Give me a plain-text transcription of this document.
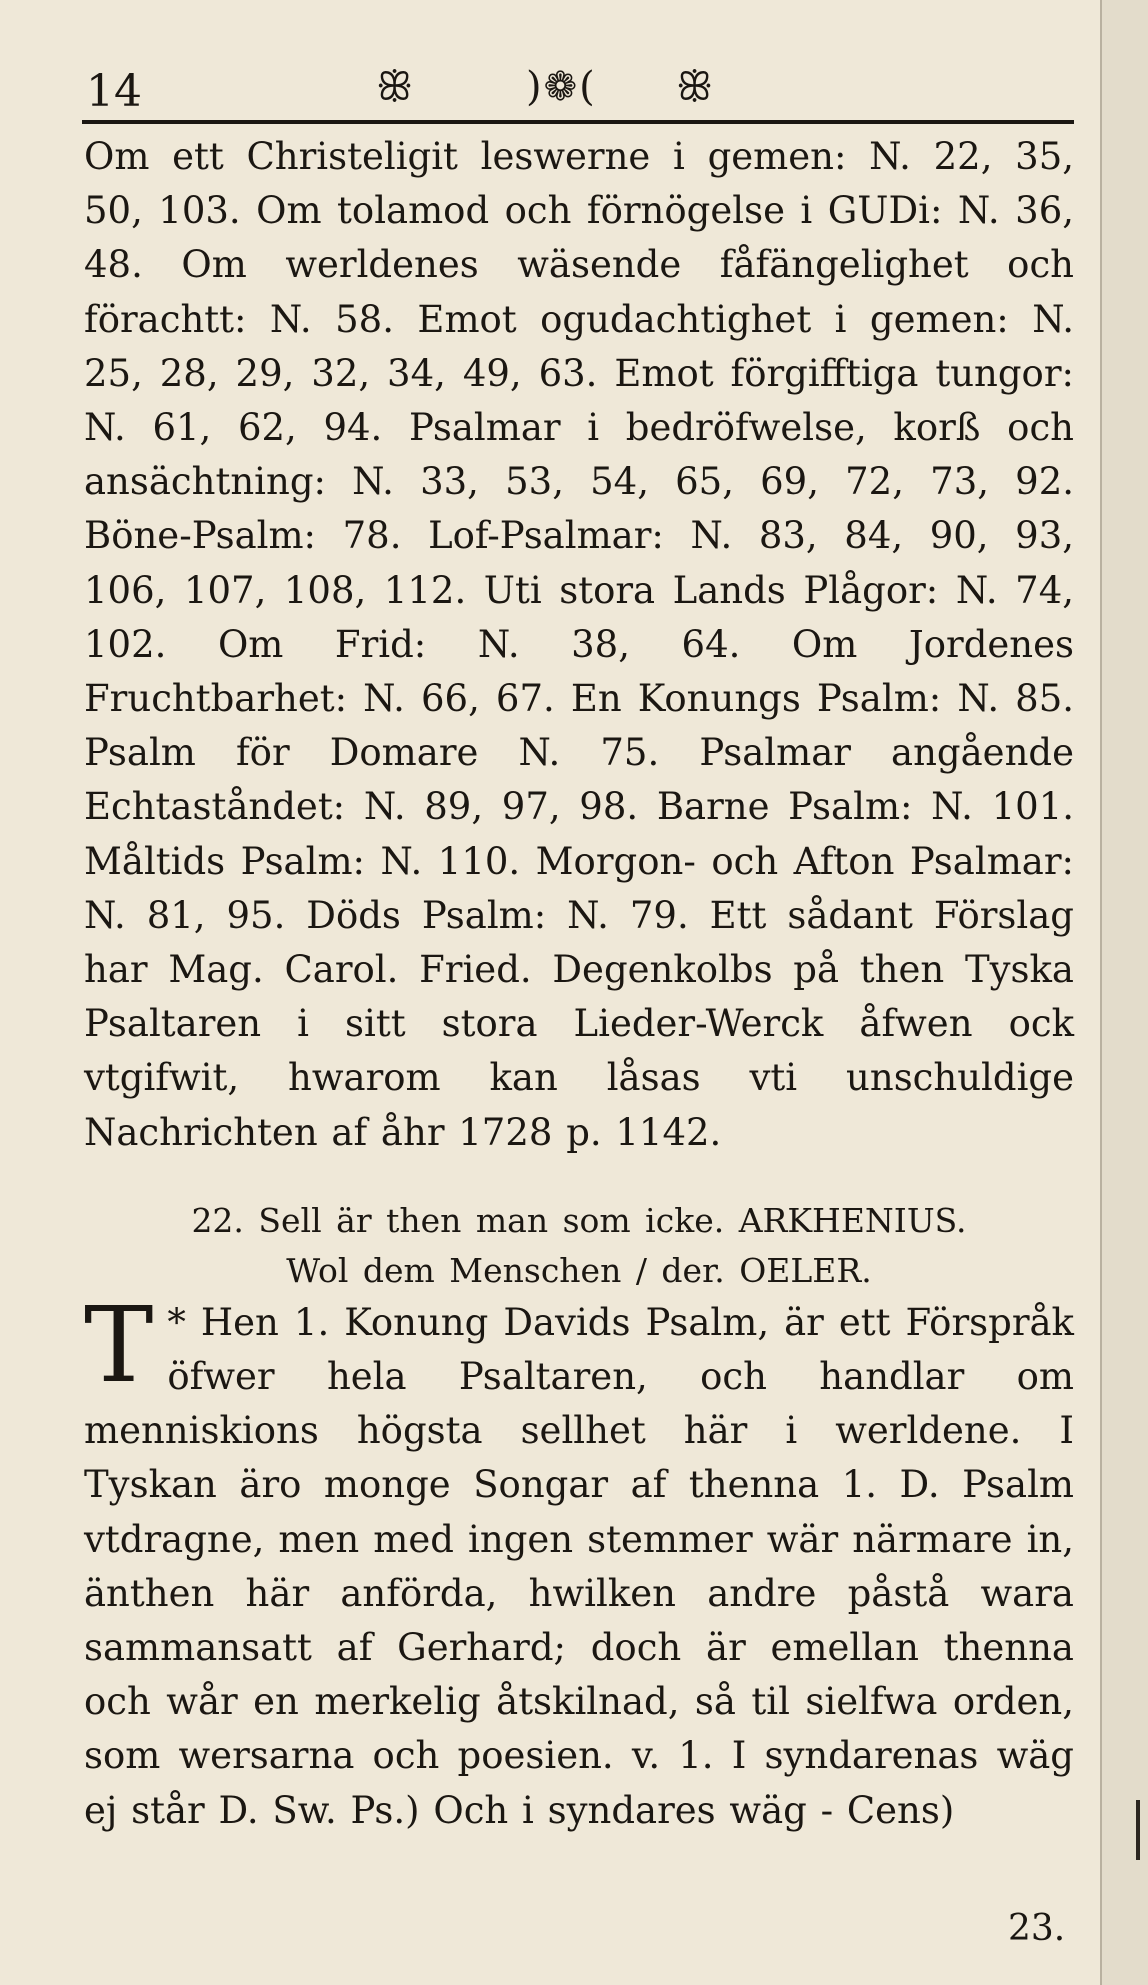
14	ꕥ	)❁( ꕥ
Om ett Christeligit leswerne i gemen: N. 22, 35, 50, 103. Om tolamod och förnögelse i GUDi: N. 36, 48. Om werldenes wäsende fåfängelighet och förachtt: N. 58. Emot ogudachtighet i gemen: N. 25, 28, 29, 32, 34, 49, 63. Emot förgifftiga tungor: N. 61, 62, 94. Psalmar i bedröfwelse, korß och ansächtning: N. 33, 53, 54, 65, 69, 72, 73, 92. Böne-Psalm: 78. Lof-Psalmar: N. 83, 84, 90, 93, 106, 107, 108, 112. Uti stora Lands Plågor: N. 74, 102. Om Frid: N. 38, 64. Om Jordenes Fruchtbarhet: N. 66, 67. En Konungs Psalm: N. 85. Psalm för Domare N. 75. Psalmar angående Echtaståndet: N. 89, 97, 98. Barne Psalm: N. 101. Måltids Psalm: N. 110. Morgon- och Afton Psalmar: N. 81, 95. Döds Psalm: N. 79. Ett sådant Förslag har Mag. Carol. Fried. Degenkolbs på then Tyska Psaltaren i sitt stora Lieder-Werck åfwen ock vtgifwit, hwarom kan låsas vti unschuldige Nachrichten af åhr 1728 p. 1142.
22. Sell är then man som icke. ARKHENIUS.
Wol dem Menschen / der. OELER.
*
T Hen 1. Konung Davids Psalm, är ett Förspråk öfwer hela Psaltaren, och handlar om menniskions högsta sellhet här i werldene. I Tyskan äro monge Songar af thenna 1. D. Psalm vtdragne, men med ingen stemmer wär närmare in, änthen här anförda, hwilken andre påstå wara sammansatt af Gerhard; doch är emellan thenna och wår en merkelig åtskilnad, så til sielfwa orden, som wersarna och poesien. v. 1. I syndarenas wäg ej står D. Sw. Ps.) Och i syndares wäg - Cens)
23.
